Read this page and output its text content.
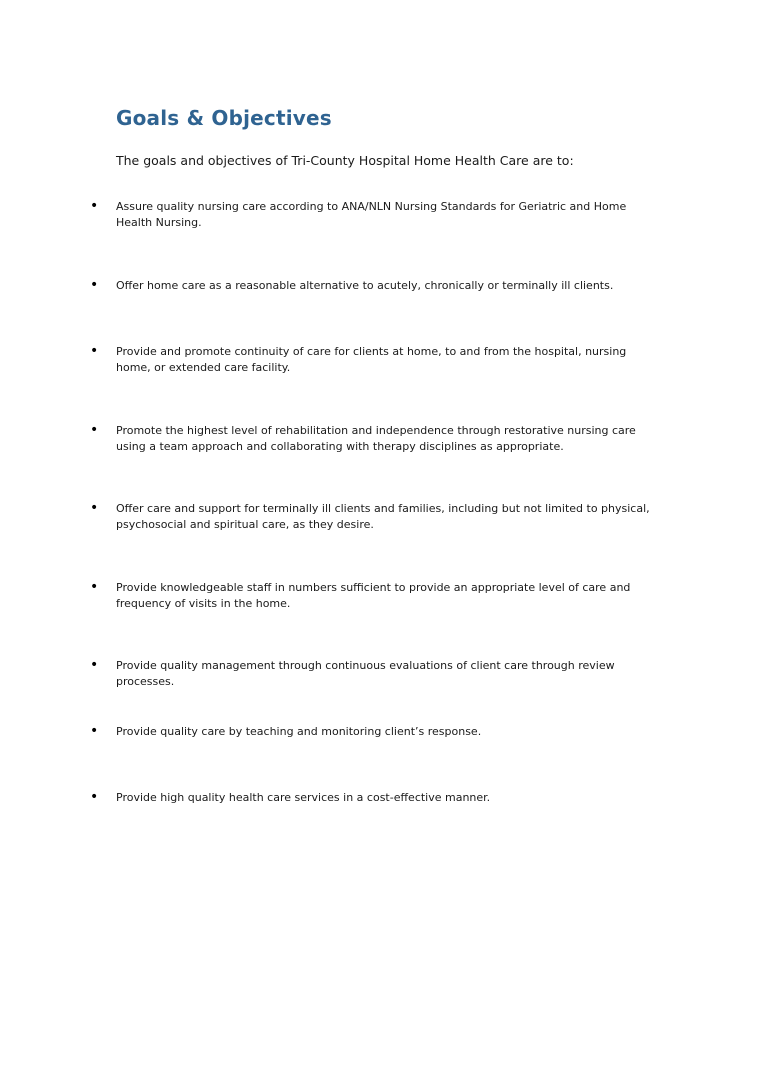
Goals & Objectives
The goals and objectives of Tri-County Hospital Home Health Care are to:
• Assure quality nursing care according to ANA/NLN Nursing Standards for Geriatric and Home Health Nursing.
• Offer home care as a reasonable alternative to acutely, chronically or terminally ill clients.
• Provide and promote continuity of care for clients at home, to and from the hospital, nursing home, or extended care facility.
• Promote the highest level of rehabilitation and independence through restorative nursing care using a team approach and collaborating with therapy disciplines as appropriate.
• Offer care and support for terminally ill clients and families, including but not limited to physical, psychosocial and spiritual care, as they desire.
• Provide knowledgeable staff in numbers sufficient to provide an appropriate level of care and frequency of visits in the home.
• Provide quality management through continuous evaluations of client care through review processes.
• Provide quality care by teaching and monitoring client’s response.
• Provide high quality health care services in a cost-effective manner.
